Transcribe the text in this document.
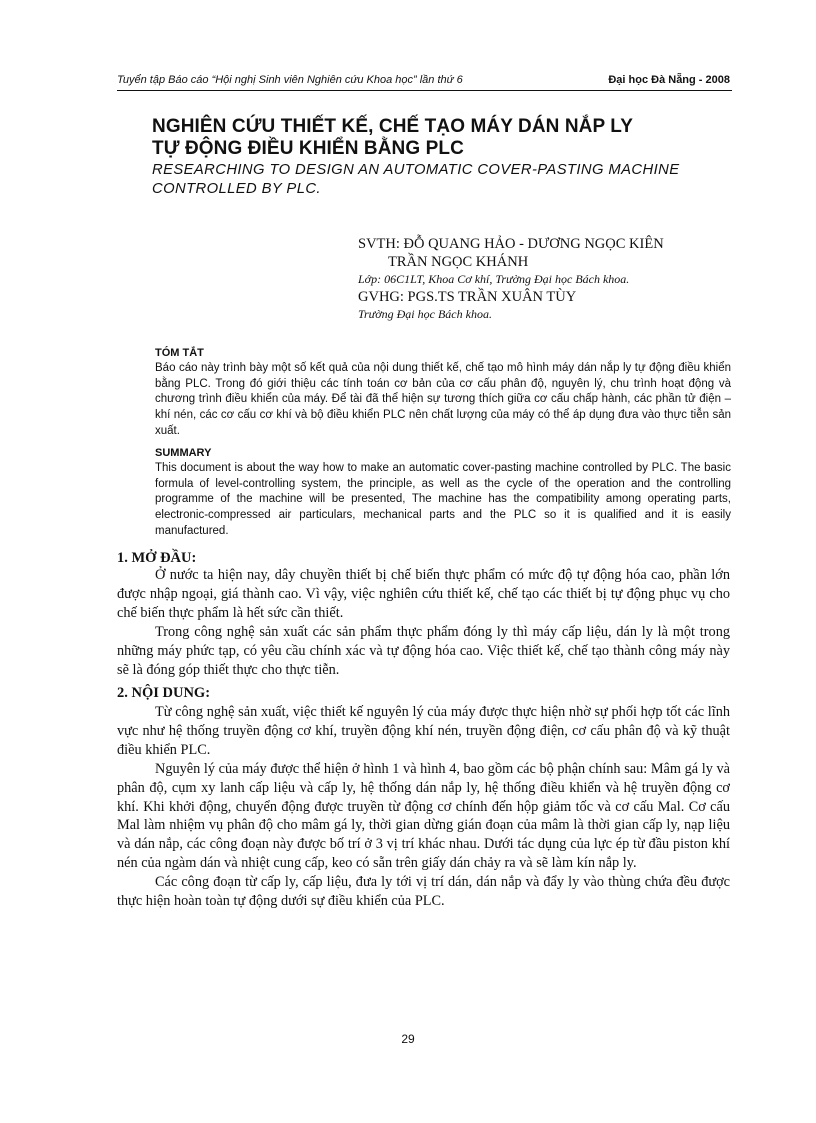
Tuyển tập Báo cáo “Hội nghị Sinh viên Nghiên cứu Khoa học” lần thứ 6	Đại học Đà Nẵng - 2008
NGHIÊN CỨU THIẾT KẾ, CHẾ TẠO MÁY DÁN NẮP LY
TỰ ĐỘNG ĐIỀU KHIỂN BẰNG PLC
RESEARCHING TO DESIGN AN AUTOMATIC COVER-PASTING MACHINE
CONTROLLED BY PLC.
SVTH: ĐỖ QUANG HẢO - DƯƠNG NGỌC KIÊN
TRẦN NGỌC KHÁNH
Lớp: 06C1LT, Khoa Cơ khí, Trường Đại học Bách khoa.
GVHG: PGS.TS TRẦN XUÂN TÙY
Trường Đại học Bách khoa.
TÓM TẮT

Báo cáo này trình bày một số kết quả của nội dung thiết kế, chế tạo mô hình máy dán nắp ly tự động điều khiển bằng PLC. Trong đó giới thiệu các tính toán cơ bản của cơ cấu phân độ, nguyên lý, chu trình hoạt động và chương trình điều khiển của máy. Để tài đã thể hiện sự tương thích giữa cơ cấu chấp hành, các phần tử điện – khí nén, các cơ cấu cơ khí và bộ điều khiển PLC nên chất lượng của máy có thể áp dụng đưa vào thực tiễn sản xuất.

SUMMARY

This document is about the way how to make an automatic cover-pasting machine controlled by PLC. The basic formula of level-controlling system, the principle, as well as the cycle of the operation and the controlling programme of the machine will be presented, The machine has the compatibility among operating parts, electronic-compressed air particulars, mechanical parts and the PLC so it is qualified and it is easily manufactured.

1. MỞ ĐẦU:

Ở nước ta hiện nay, dây chuyền thiết bị chế biến thực phẩm có mức độ tự động hóa cao, phần lớn được nhập ngoại, giá thành cao. Vì vậy, việc nghiên cứu thiết kế, chế tạo các thiết bị tự động phục vụ cho chế biến thực phẩm là hết sức cần thiết.

Trong công nghệ sản xuất các sản phẩm thực phẩm đóng ly thì máy cấp liệu, dán ly là một trong những máy phức tạp, có yêu cầu chính xác và tự động hóa cao. Việc thiết kế, chế tạo thành công máy này sẽ là đóng góp thiết thực cho thực tiễn.

2. NỘI DUNG:

Từ công nghệ sản xuất, việc thiết kế nguyên lý của máy được thực hiện nhờ sự phối hợp tốt các lĩnh vực như hệ thống truyền động cơ khí, truyền động khí nén, truyền động điện, cơ cấu phân độ và kỹ thuật điều khiển PLC.

Nguyên lý của máy được thể hiện ở hình 1 và hình 4, bao gồm các bộ phận chính sau: Mâm gá ly và phân độ, cụm xy lanh cấp liệu và cấp ly, hệ thống dán nắp ly, hệ thống điều khiển và hệ truyền động cơ khí. Khi khởi động, chuyển động được truyền từ động cơ chính đến hộp giảm tốc và cơ cấu Mal. Cơ cấu Mal làm nhiệm vụ phân độ cho mâm gá ly, thời gian dừng gián đoạn của mâm là thời gian cấp ly, nạp liệu và dán nắp, các công đoạn này được bố trí ở 3 vị trí khác nhau. Dưới tác dụng của lực ép từ đầu piston khí nén của ngàm dán và nhiệt cung cấp, keo có sẵn trên giấy dán chảy ra và sẽ làm kín nắp ly.

Các công đoạn từ cấp ly, cấp liệu, đưa ly tới vị trí dán, dán nắp và đẩy ly vào thùng chứa đều được thực hiện hoàn toàn tự động dưới sự điều khiển của PLC.

29
